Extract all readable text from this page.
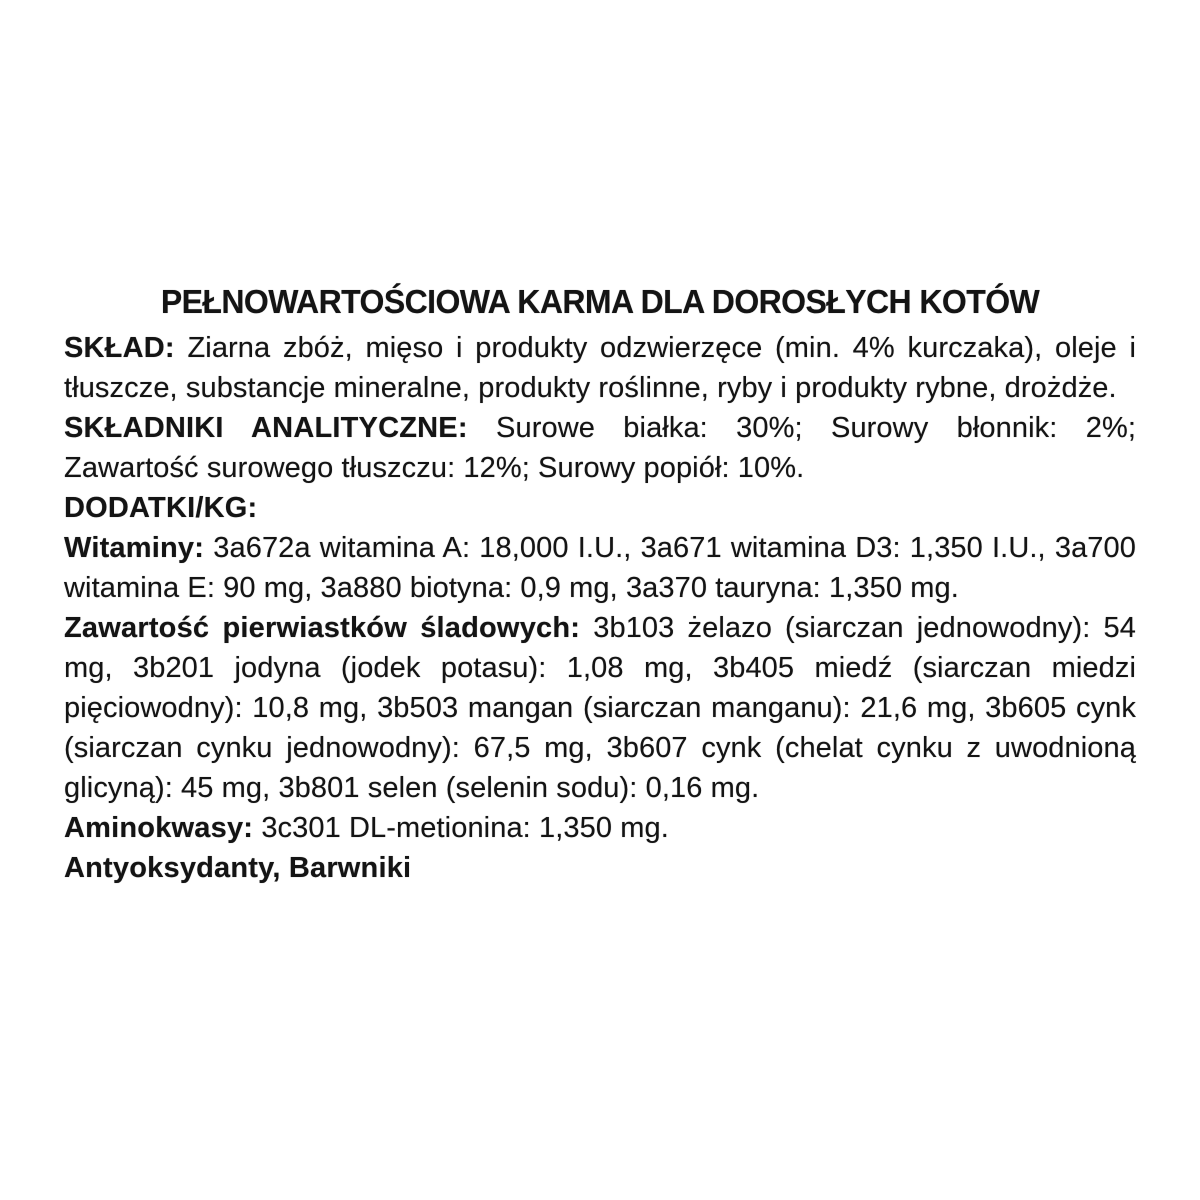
PEŁNOWARTOŚCIOWA KARMA DLA DOROSŁYCH KOTÓW

SKŁAD: Ziarna zbóż, mięso i produkty odzwierzęce (min. 4% kurczaka), oleje i tłuszcze, substancje mineralne, produkty roślinne, ryby i produkty rybne, drożdże.

SKŁADNIKI ANALITYCZNE: Surowe białka: 30%; Surowy błonnik: 2%; Zawartość surowego tłuszczu: 12%; Surowy popiół: 10%.

DODATKI/KG:

Witaminy: 3a672a witamina A: 18,000 I.U., 3a671 witamina D3: 1,350 I.U., 3a700 witamina E: 90 mg, 3a880 biotyna: 0,9 mg, 3a370 tauryna: 1,350 mg.

Zawartość pierwiastków śladowych: 3b103 żelazo (siarczan jednowodny): 54 mg, 3b201 jodyna (jodek potasu): 1,08 mg, 3b405 miedź (siarczan miedzi pięciowodny): 10,8 mg, 3b503 mangan (siarczan manganu): 21,6 mg, 3b605 cynk (siarczan cynku jednowodny): 67,5 mg, 3b607 cynk (chelat cynku z uwodnioną glicyną): 45 mg, 3b801 selen (selenin sodu): 0,16 mg.

Aminokwasy: 3c301 DL-metionina: 1,350 mg.

Antyoksydanty, Barwniki
